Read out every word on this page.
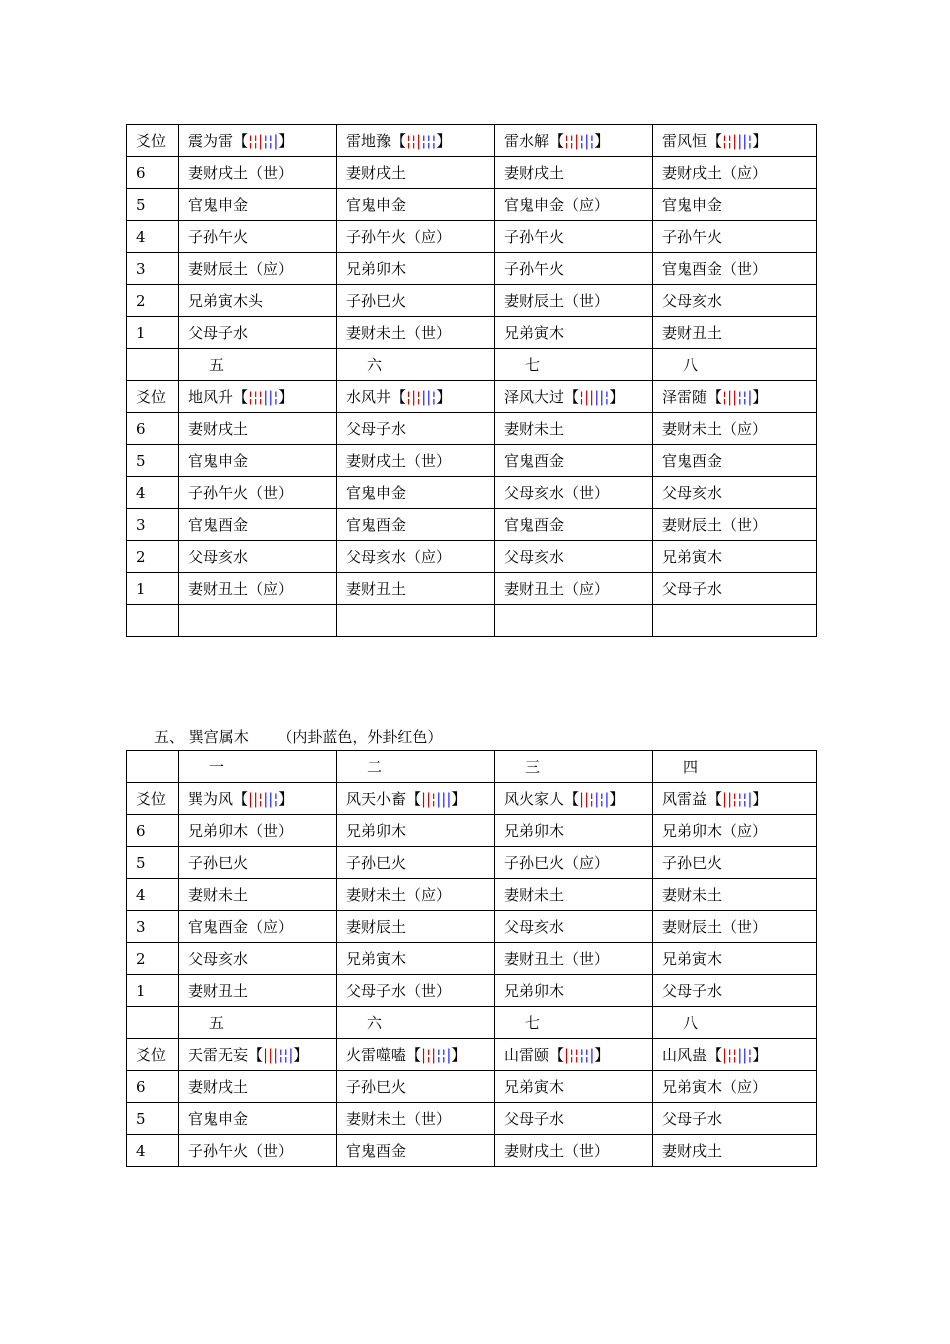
爻位	震为雷【¦¦|¦¦|】	雷地豫【¦¦|¦¦¦】	雷水解【¦¦|¦|¦】	雷风恒【¦¦|||¦】
6	妻财戌土（世）	妻财戌土	妻财戌土	妻财戌土（应）
5	官鬼申金	官鬼申金	官鬼申金（应）	官鬼申金
4	子孙午火	子孙午火（应）	子孙午火	子孙午火
3	妻财辰土（应）	兄弟卯木	子孙午火	官鬼酉金（世）
2	兄弟寅木头	子孙巳火	妻财辰土（世）	父母亥水
1	父母子水	妻财未土（世）	兄弟寅木	妻财丑土
	五	六	七	八
爻位	地风升【¦¦¦||¦】	水风井【¦|¦||¦】	泽风大过【¦||||¦】	泽雷随【¦||¦¦|】
6	妻财戌土	父母子水	妻财未土	妻财未土（应）
5	官鬼申金	妻财戌土（世）	官鬼酉金	官鬼酉金
4	子孙午火（世）	官鬼申金	父母亥水（世）	父母亥水
3	官鬼酉金	官鬼酉金	官鬼酉金	妻财辰土（世）
2	父母亥水	父母亥水（应）	父母亥水	兄弟寅木
1	妻财丑土（应）	妻财丑土	妻财丑土（应）	父母子水

五、 巽宫属木      （内卦蓝色，外卦红色）
	一	二	三	四
爻位	巽为风【||¦||¦】	风天小畜【||¦|||】	风火家人【||¦|¦|】	风雷益【||¦¦¦|】
6	兄弟卯木（世）	兄弟卯木	兄弟卯木	兄弟卯木（应）
5	子孙巳火	子孙巳火	子孙巳火（应）	子孙巳火
4	妻财未土	妻财未土（应）	妻财未土	妻财未土
3	官鬼酉金（应）	妻财辰土	父母亥水	妻财辰土（世）
2	父母亥水	兄弟寅木	妻财丑土（世）	兄弟寅木
1	妻财丑土	父母子水（世）	兄弟卯木	父母子水
	五	六	七	八
爻位	天雷无妄【|||¦¦|】	火雷噬嗑【|¦|¦¦|】	山雷颐【|¦¦¦¦|】	山风蛊【|¦¦||¦】
6	妻财戌土	子孙巳火	兄弟寅木	兄弟寅木（应）
5	官鬼申金	妻财未土（世）	父母子水	父母子水
4	子孙午火（世）	官鬼酉金	妻财戌土（世）	妻财戌土
